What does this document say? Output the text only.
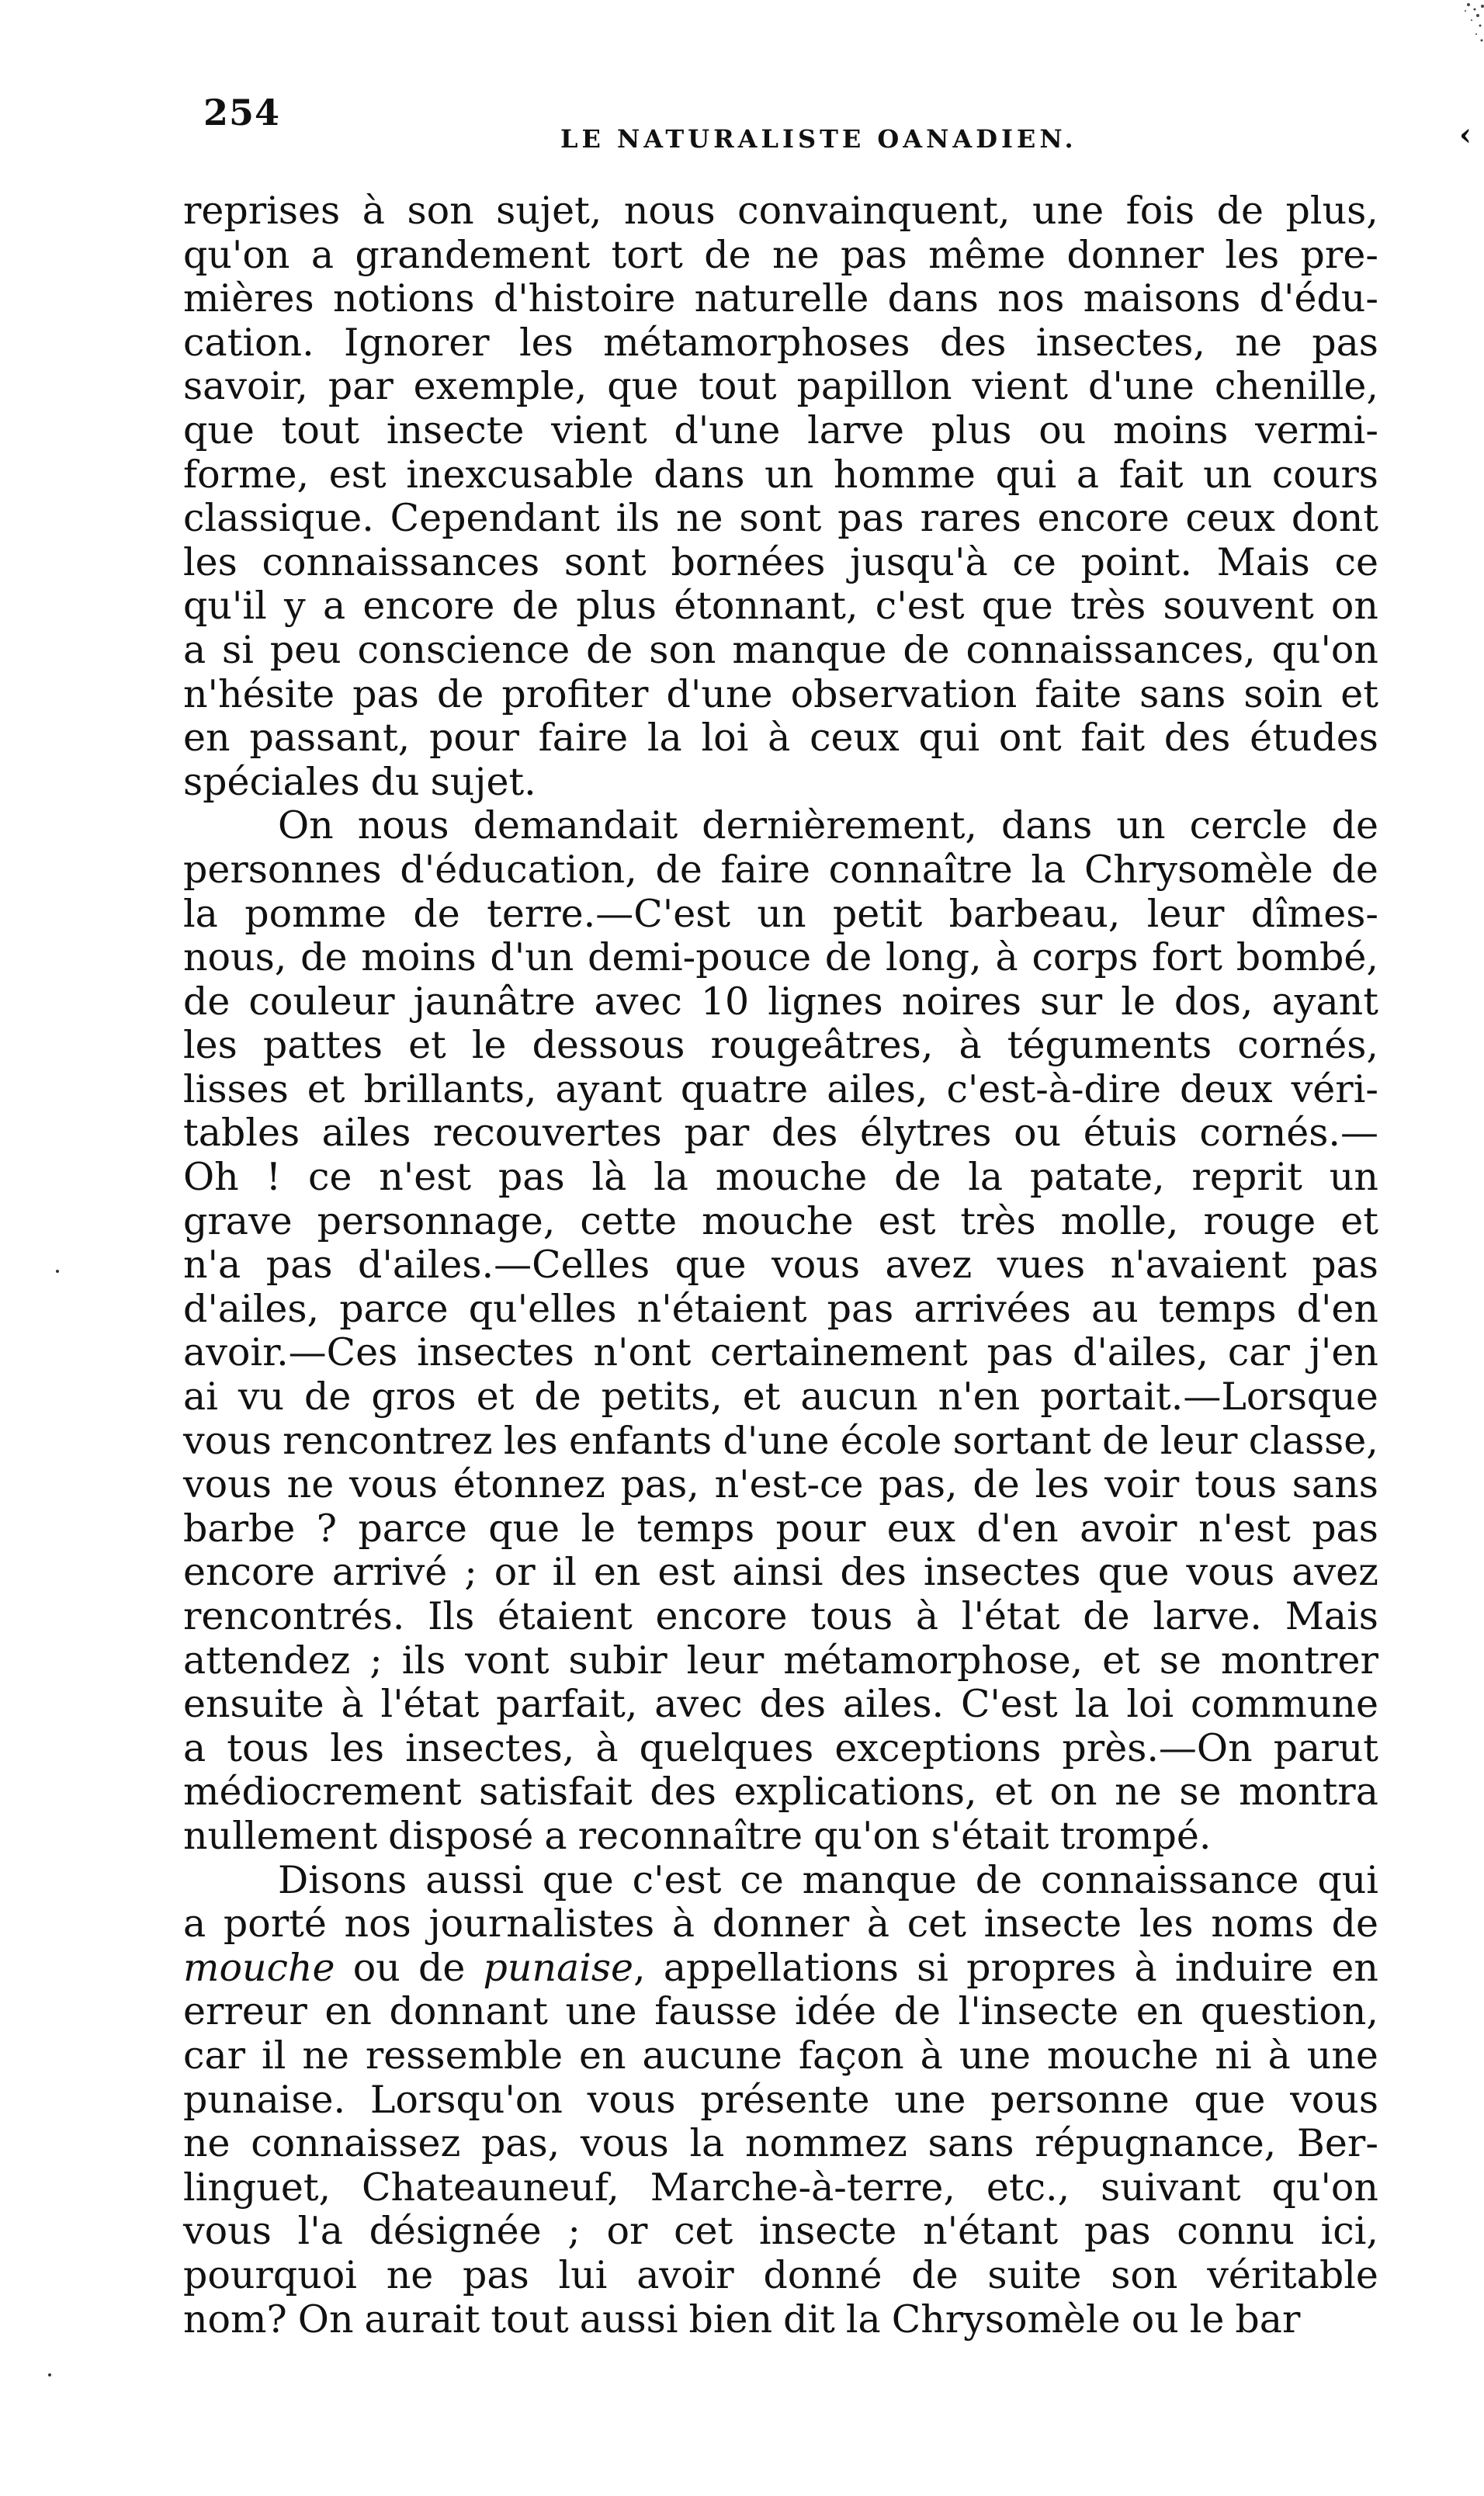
254
LE NATURALISTE OANADIEN.
reprises à son sujet, nous convainquent, une fois de plus,
qu'on a grandement tort de ne pas même donner les pre-
mières notions d'histoire naturelle dans nos maisons d'édu-
cation. Ignorer les métamorphoses des insectes, ne pas
savoir, par exemple, que tout papillon vient d'une chenille,
que tout insecte vient d'une larve plus ou moins vermi-
forme, est inexcusable dans un homme qui a fait un cours
classique. Cependant ils ne sont pas rares encore ceux dont
les connaissances sont bornées jusqu'à ce point. Mais ce
qu'il y a encore de plus étonnant, c'est que très souvent on
a si peu conscience de son manque de connaissances, qu'on
n'hésite pas de profiter d'une observation faite sans soin et
en passant, pour faire la loi à ceux qui ont fait des études
spéciales du sujet.
On nous demandait dernièrement, dans un cercle de
personnes d'éducation, de faire connaître la Chrysomèle de
la pomme de terre.—C'est un petit barbeau, leur dîmes-
nous, de moins d'un demi-pouce de long, à corps fort bombé,
de couleur jaunâtre avec 10 lignes noires sur le dos, ayant
les pattes et le dessous rougeâtres, à téguments cornés,
lisses et brillants, ayant quatre ailes, c'est-à-dire deux véri-
tables ailes recouvertes par des élytres ou étuis cornés.—
Oh ! ce n'est pas là la mouche de la patate, reprit un
grave personnage, cette mouche est très molle, rouge et
n'a pas d'ailes.—Celles que vous avez vues n'avaient pas
d'ailes, parce qu'elles n'étaient pas arrivées au temps d'en
avoir.—Ces insectes n'ont certainement pas d'ailes, car j'en
ai vu de gros et de petits, et aucun n'en portait.—Lorsque
vous rencontrez les enfants d'une école sortant de leur classe,
vous ne vous étonnez pas, n'est-ce pas, de les voir tous sans
barbe ? parce que le temps pour eux d'en avoir n'est pas
encore arrivé ; or il en est ainsi des insectes que vous avez
rencontrés. Ils étaient encore tous à l'état de larve. Mais
attendez ; ils vont subir leur métamorphose, et se montrer
ensuite à l'état parfait, avec des ailes. C'est la loi commune
a tous les insectes, à quelques exceptions près.—On parut
médiocrement satisfait des explications, et on ne se montra
nullement disposé a reconnaître qu'on s'était trompé.
Disons aussi que c'est ce manque de connaissance qui
a porté nos journalistes à donner à cet insecte les noms de
mouche ou de punaise, appellations si propres à induire en
erreur en donnant une fausse idée de l'insecte en question,
car il ne ressemble en aucune façon à une mouche ni à une
punaise. Lorsqu'on vous présente une personne que vous
ne connaissez pas, vous la nommez sans répugnance, Ber-
linguet, Chateauneuf, Marche-à-terre, etc., suivant qu'on
vous l'a désignée ; or cet insecte n'étant pas connu ici,
pourquoi ne pas lui avoir donné de suite son véritable
nom? On aurait tout aussi bien dit la Chrysomèle ou le bar
‹
